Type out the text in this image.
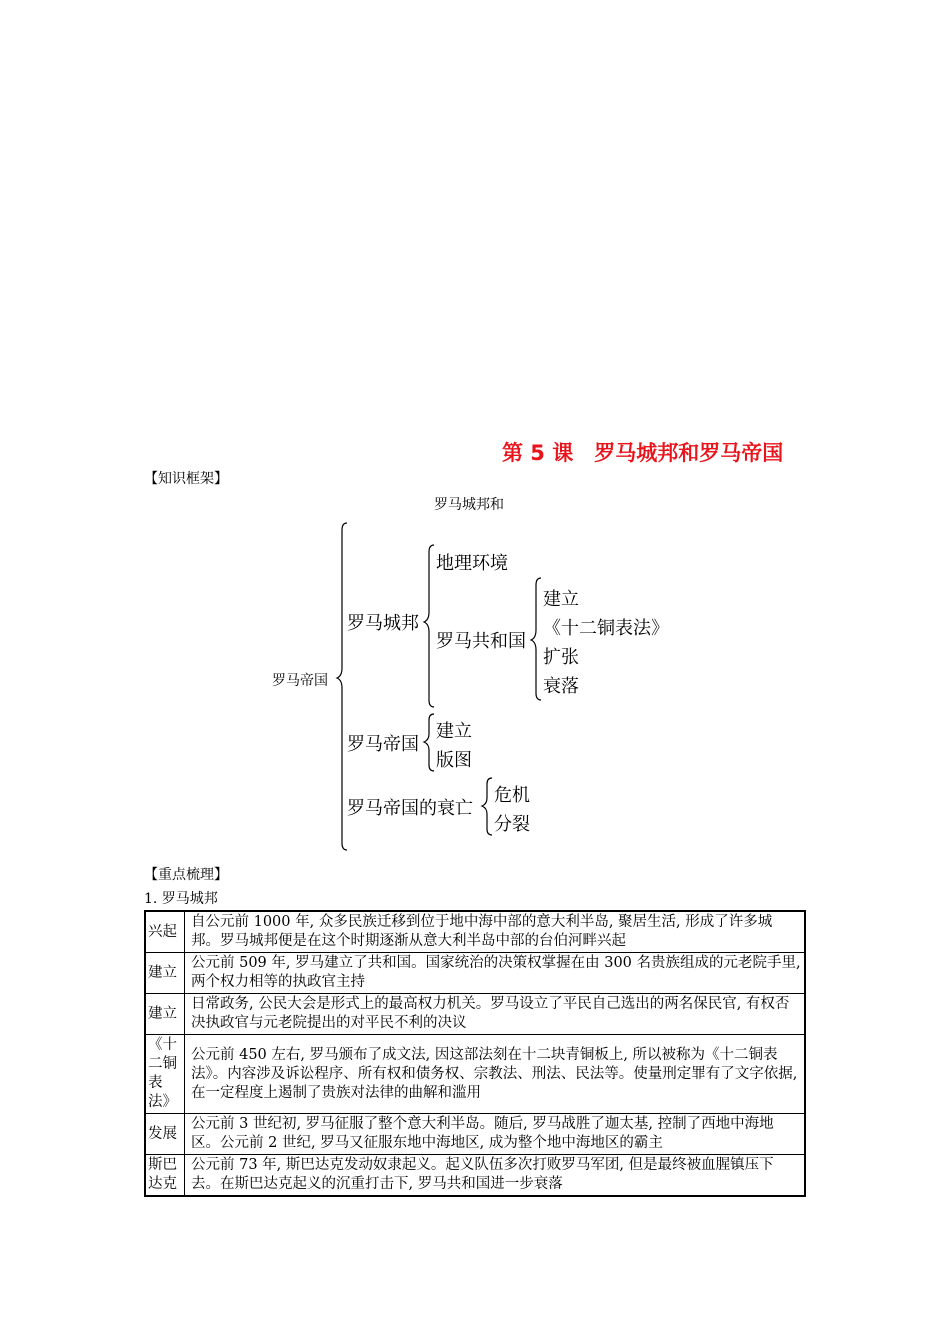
第 5 课　罗马城邦和罗马帝国
【知识框架】
罗马城邦和
罗马帝国
罗马城邦
地理环境
罗马共和国
建立
《十二铜表法》
扩张
衰落
罗马帝国
建立
版图
罗马帝国的衰亡
危机
分裂
【重点梳理】
1. 罗马城邦
兴起	自公元前 1000 年, 众多民族迁移到位于地中海中部的意大利半岛, 聚居生活, 形成了许多城邦。罗马城邦便是在这个时期逐渐从意大利半岛中部的台伯河畔兴起
建立	公元前 509 年, 罗马建立了共和国。国家统治的决策权掌握在由 300 名贵族组成的元老院手里, 两个权力相等的执政官主持
建立	日常政务, 公民大会是形式上的最高权力机关。罗马设立了平民自己选出的两名保民官, 有权否决执政官与元老院提出的对平民不利的决议
《十二铜表法》	公元前 450 左右, 罗马颁布了成文法, 因这部法刻在十二块青铜板上, 所以被称为《十二铜表法》。内容涉及诉讼程序、所有权和债务权、宗教法、刑法、民法等。使量刑定罪有了文字依据, 在一定程度上遏制了贵族对法律的曲解和滥用
发展	公元前 3 世纪初, 罗马征服了整个意大利半岛。随后, 罗马战胜了迦太基, 控制了西地中海地区。公元前 2 世纪, 罗马又征服东地中海地区, 成为整个地中海地区的霸主
斯巴达克	公元前 73 年, 斯巴达克发动奴隶起义。起义队伍多次打败罗马军团, 但是最终被血腥镇压下去。在斯巴达克起义的沉重打击下, 罗马共和国进一步衰落
